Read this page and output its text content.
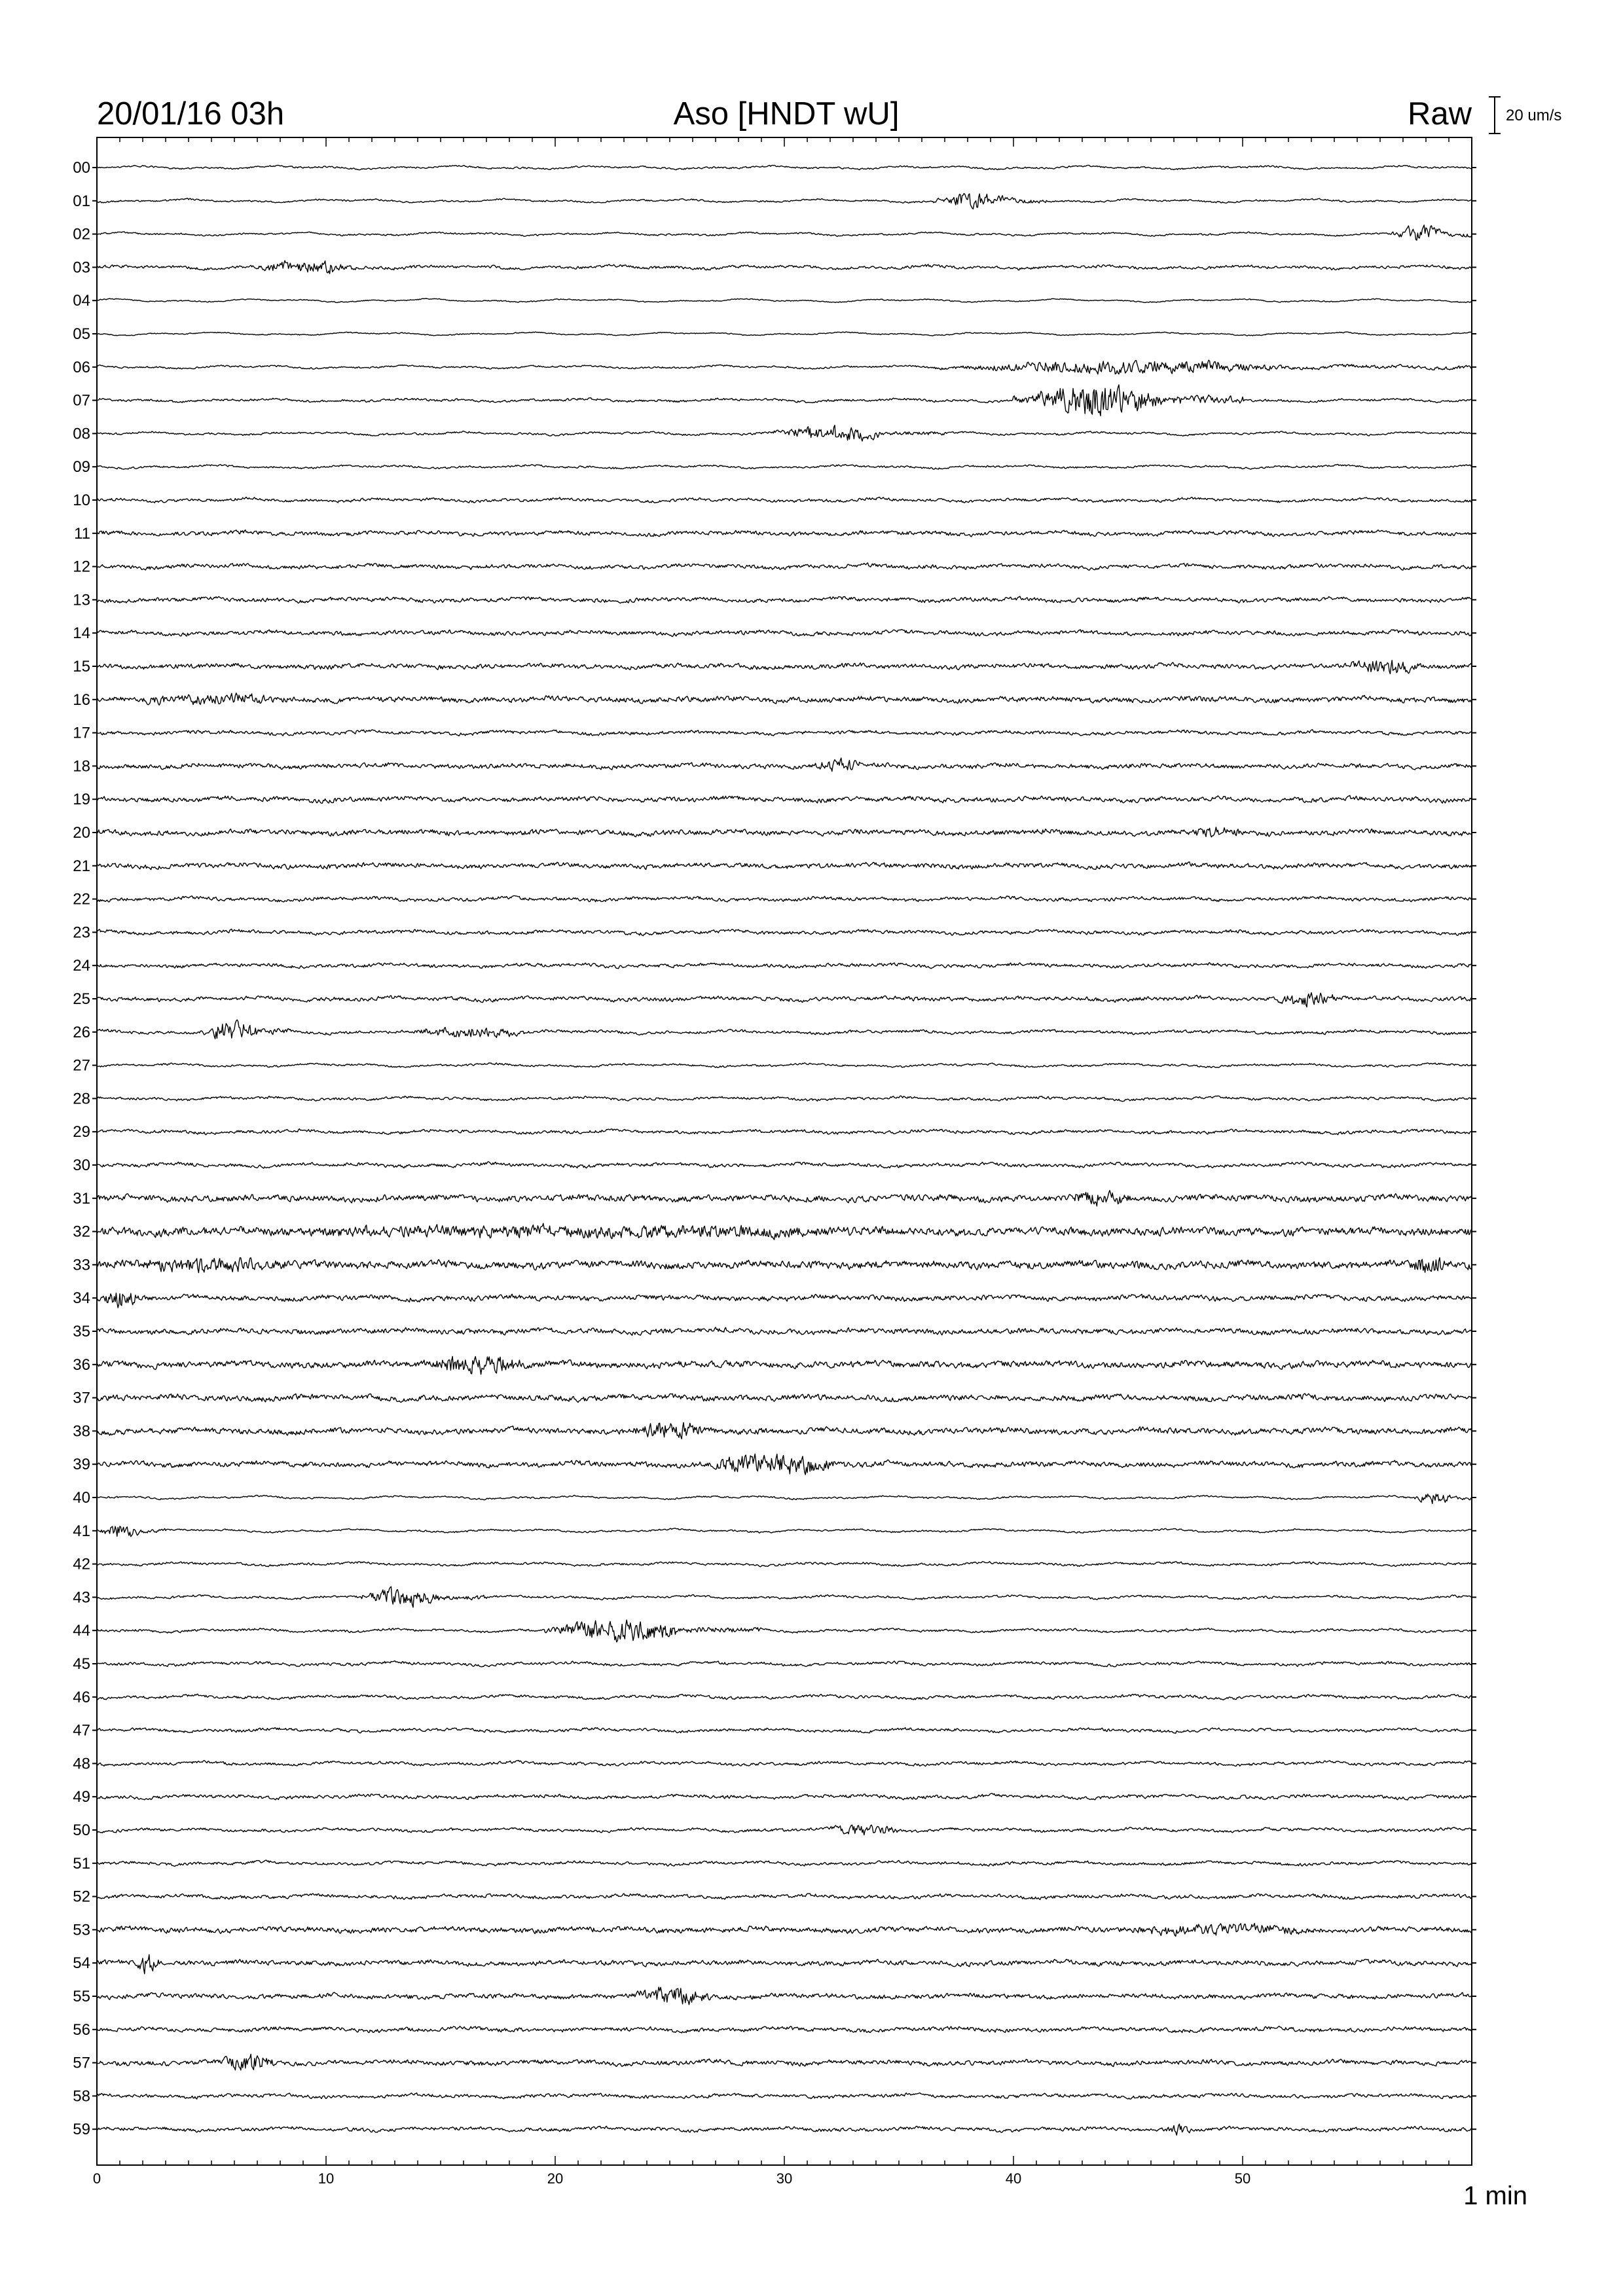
20/01/16 03h	Aso [HNDT wU]	Raw 20 um/s
00
01
02
03
04
05
06
07
08
09
10
11
12
13
14
15
16
17
18
19
20
21
22
23
24
25
26
27
28
29
30
31
32
33
34
35
36
37
38
39
40
41
42
43
44
45
46
47
48
49
50
51
52
53
54
55
56
57
58
59
0	10	20	30	40	50
1 min
